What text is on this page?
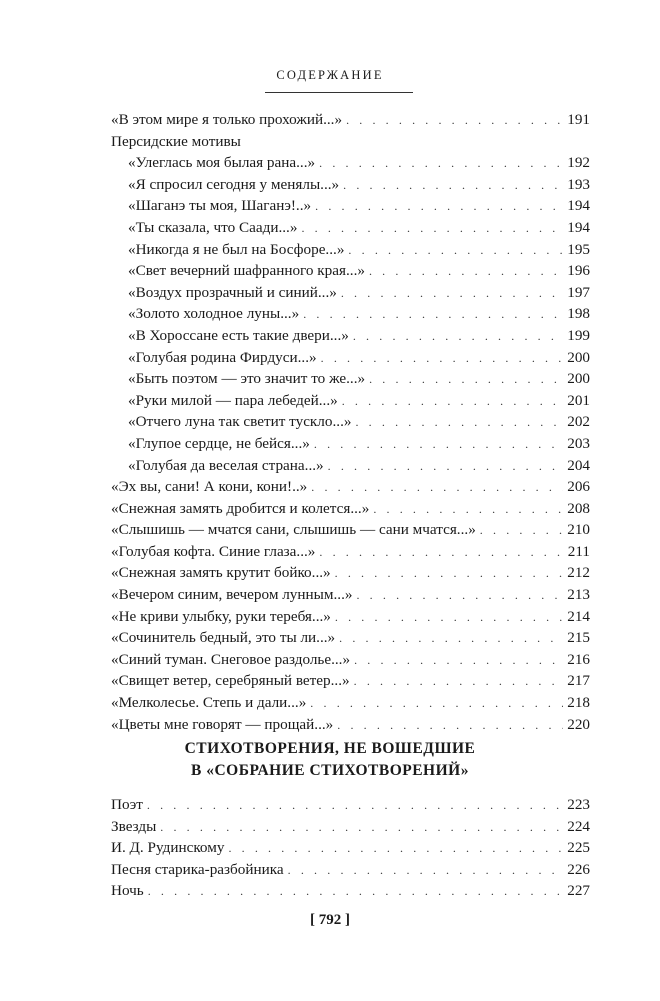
СОДЕРЖАНИЕ
«В этом мире я только прохожий...» . . .	191
Персидские мотивы
«Улеглась моя былая рана...» . . .	192
«Я спросил сегодня у менялы...» . . .	193
«Шаганэ ты моя, Шаганэ!..» . . .	194
«Ты сказала, что Саади...» . . .	194
«Никогда я не был на Босфоре...» . . .	195
«Свет вечерний шафранного края...» . . .	196
«Воздух прозрачный и синий...» . . .	197
«Золото холодное луны...» . . .	198
«В Хороссане есть такие двери...» . . .	199
«Голубая родина Фирдуси...» . . .	200
«Быть поэтом — это значит то же...» . . .	200
«Руки милой — пара лебедей...» . . .	201
«Отчего луна так светит тускло...» . . .	202
«Глупое сердце, не бейся...» . . .	203
«Голубая да веселая страна...» . . .	204
«Эх вы, сани! А кони, кони!..» . . .	206
«Снежная замять дробится и колется...» . . .	208
«Слышишь — мчатся сани, слышишь — сани мчатся...» . . .	210
«Голубая кофта. Синие глаза...» . . .	211
«Снежная замять крутит бойко...» . . .	212
«Вечером синим, вечером лунным...» . . .	213
«Не криви улыбку, руки теребя...» . . .	214
«Сочинитель бедный, это ты ли...» . . .	215
«Синий туман. Снеговое раздолье...» . . .	216
«Свищет ветер, серебряный ветер...» . . .	217
«Мелколесье. Степь и дали...» . . .	218
«Цветы мне говорят — прощай...» . . .	220
СТИХОТВОРЕНИЯ, НЕ ВОШЕДШИЕ
В «СОБРАНИЕ СТИХОТВОРЕНИЙ»
Поэт . . .	223
Звезды . . .	224
И. Д. Рудинскому . . .	225
Песня старика-разбойника . . .	226
Ночь . . .	227
[ 792 ]
